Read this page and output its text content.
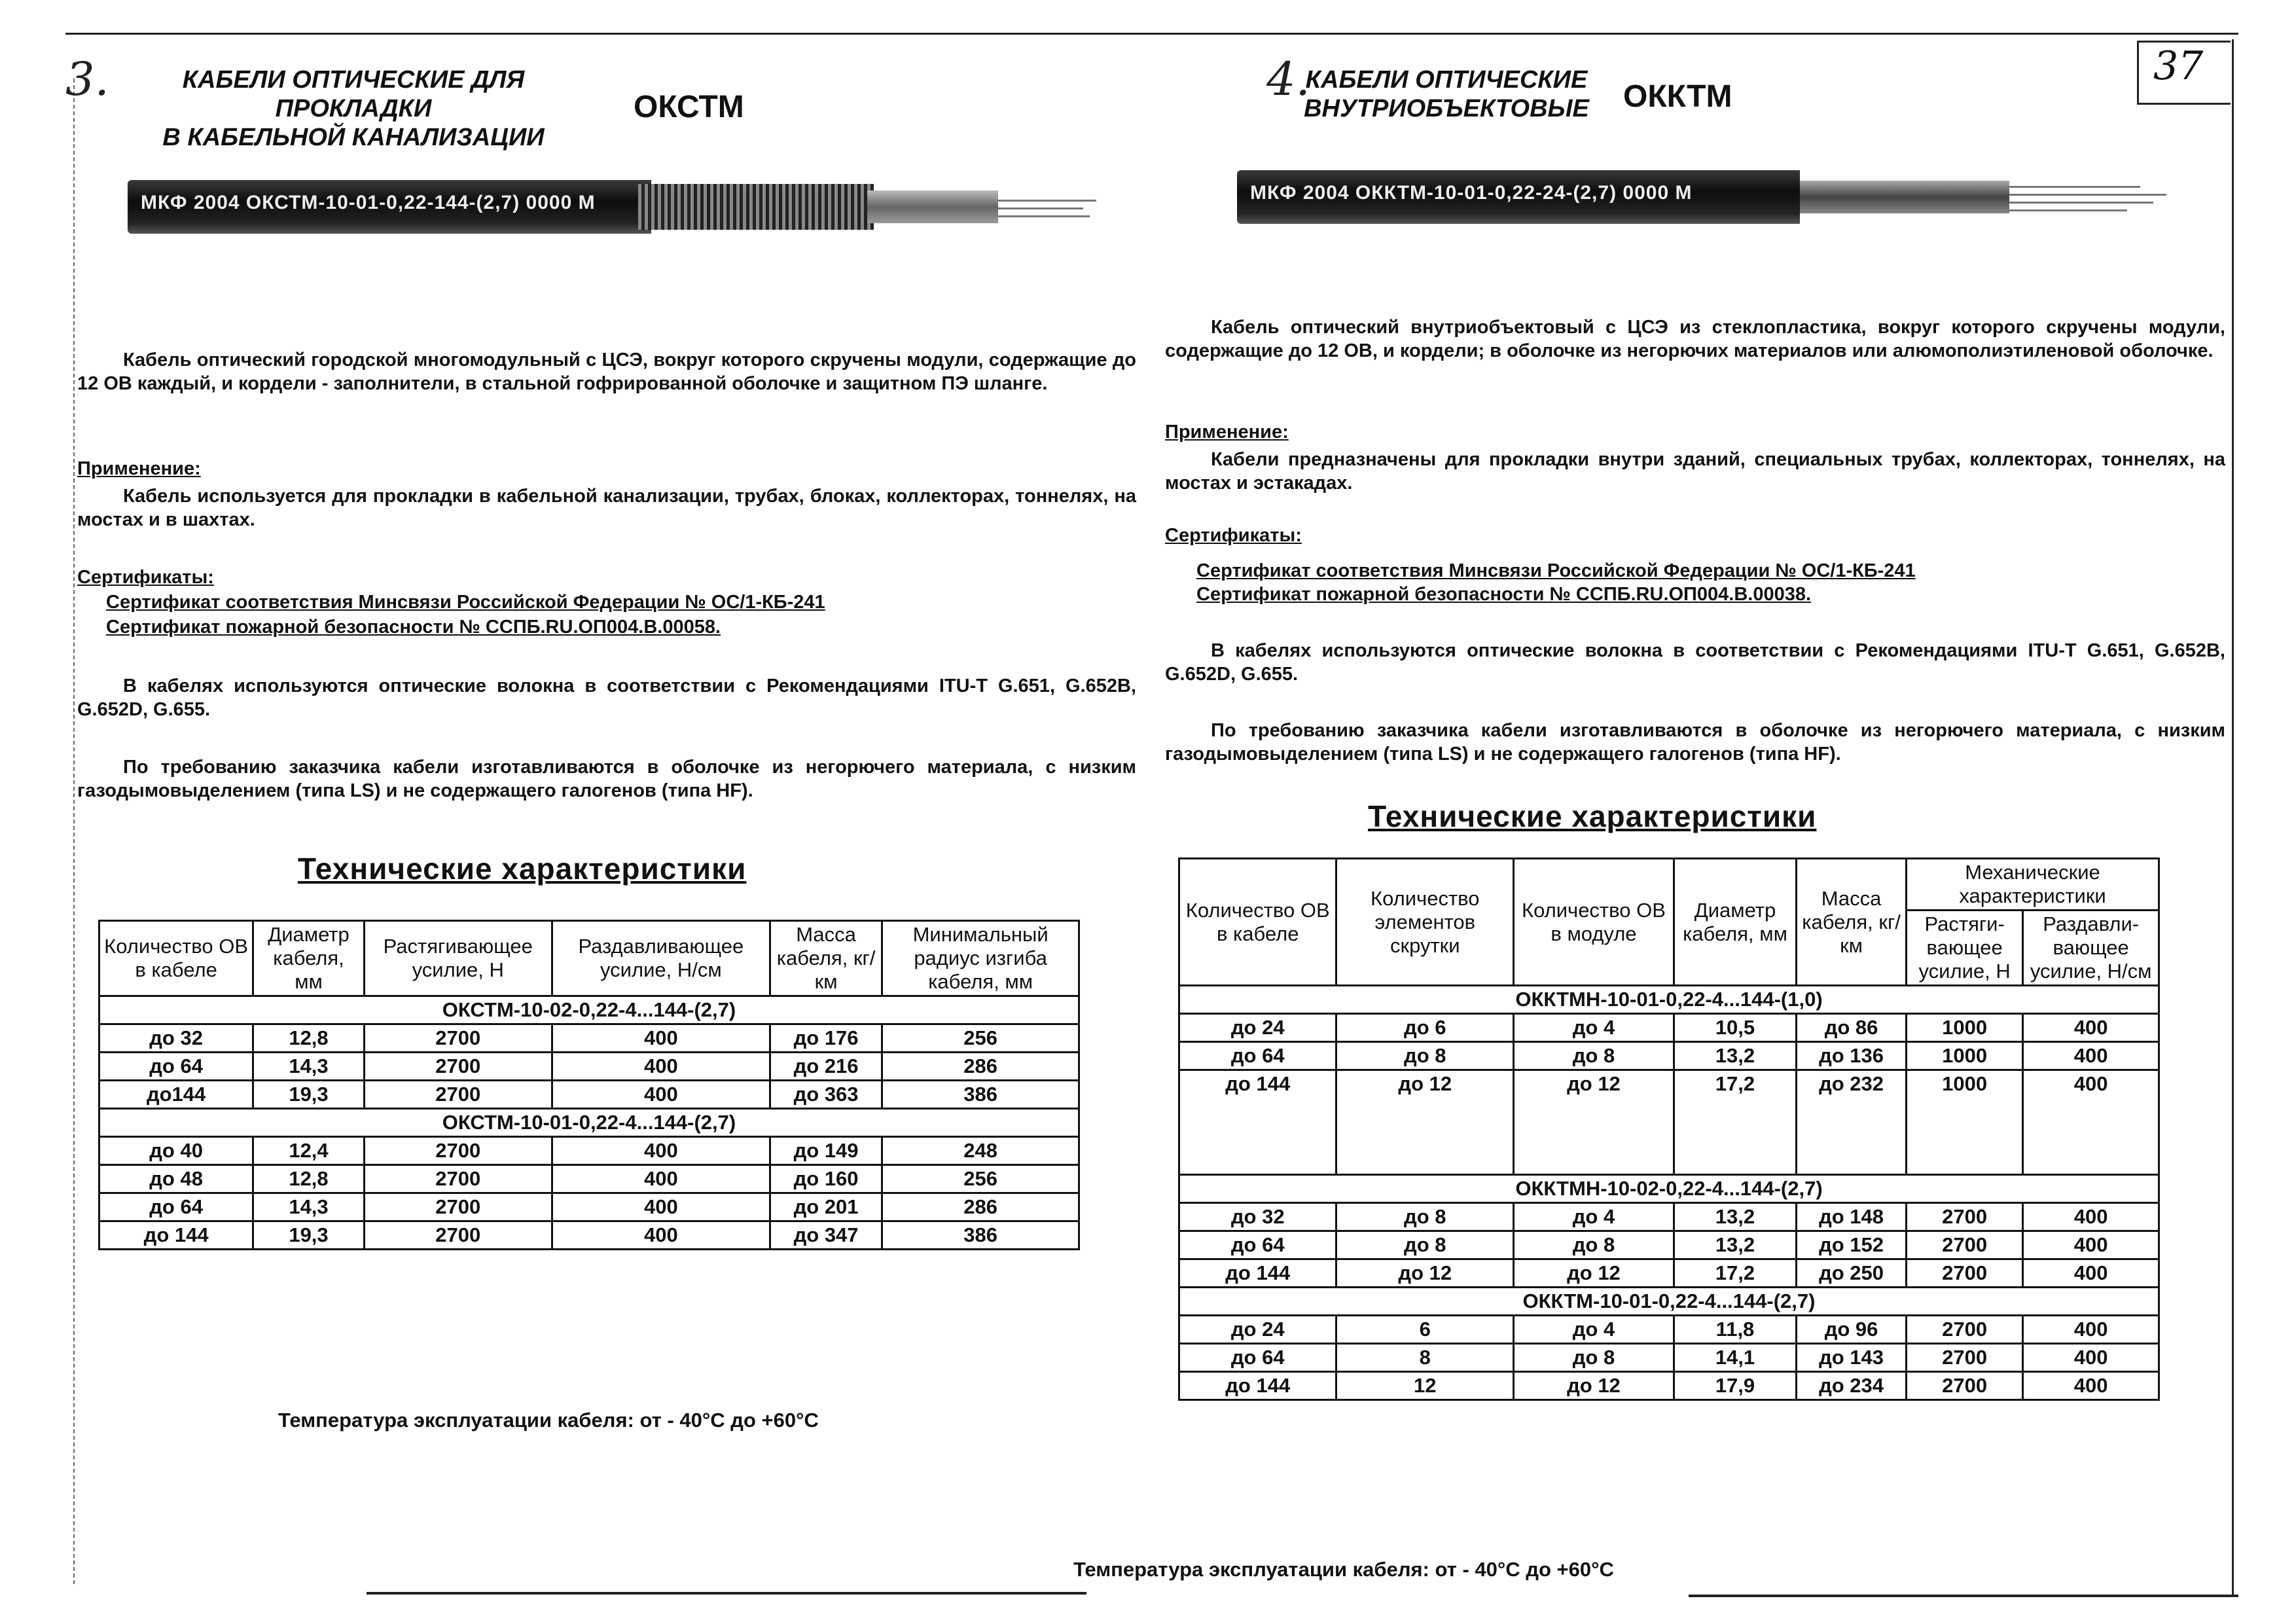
37
3.	КАБЕЛИ ОПТИЧЕСКИЕ ДЛЯ ПРОКЛАДКИ
В КАБЕЛЬНОЙ КАНАЛИЗАЦИИ
ОКСТМ
МКФ 2004 ОКСТМ-10-01-0,22-144-(2,7) 0000 М
Кабель оптический городской многомодульный с ЦСЭ, вокруг которого скручены модули, содержащие до 12 ОВ каждый, и кордели - заполнители, в стальной гофрированной оболочке и защитном ПЭ шланге.
Применение:
Кабель используется для прокладки в кабельной канализации, трубах, блоках, коллекторах, тоннелях, на мостах и в шахтах.
Сертификаты:
Сертификат соответствия Минсвязи Российской Федерации № ОС/1-КБ-241
Сертификат пожарной безопасности № ССПБ.RU.ОП004.В.00058.
В кабелях используются оптические волокна в соответствии с Рекомендациями ITU-T G.651, G.652B, G.652D, G.655.
По требованию заказчика кабели изготавливаются в оболочке из негорючего материала, с низким газодымовыделением (типа LS) и не содержащего галогенов (типа HF).
Технические характеристики
Количество ОВ в кабеле	Диаметр кабеля, мм	Растягивающее усилие, Н	Раздавливающее усилие, Н/см	Масса кабеля, кг/км	Минимальный радиус изгиба кабеля, мм
ОКСТМ-10-02-0,22-4...144-(2,7)					
до 32	12,8	2700	400	до 176	256
до 64	14,3	2700	400	до 216	286
до144	19,3	2700	400	до 363	386
ОКСТМ-10-01-0,22-4...144-(2,7)					
до 40	12,4	2700	400	до 149	248
до 48	12,8	2700	400	до 160	256
до 64	14,3	2700	400	до 201	286
до 144	19,3	2700	400	до 347	386
Температура эксплуатации кабеля: от - 40°С до +60°С
4.
КАБЕЛИ ОПТИЧЕСКИЕ
ВНУТРИОБЪЕКТОВЫЕ ОККТМ
МКФ 2004 ОККТМ-10-01-0,22-24-(2,7) 0000 М
Кабель оптический внутриобъектовый с ЦСЭ из стеклопластика, вокруг которого скручены модули, содержащие до 12 ОВ, и кордели; в оболочке из негорючих материалов или алюмополиэтиленовой оболочке.
Применение:
Кабели предназначены для прокладки внутри зданий, специальных трубах, коллекторах, тоннелях, на мостах и эстакадах.
Сертификаты:
Сертификат соответствия Минсвязи Российской Федерации № ОС/1-КБ-241
Сертификат пожарной безопасности № ССПБ.RU.ОП004.В.00038.
В кабелях используются оптические волокна в соответствии с Рекомендациями ITU-T G.651, G.652B, G.652D, G.655.
По требованию заказчика кабели изготавливаются в оболочке из негорючего материала, с низким газодымовыделением (типа LS) и не содержащего галогенов (типа HF).
Технические характеристики
Количество ОВ в кабеле	Количество элементов скрутки	Количество ОВ в модуле	Диаметр кабеля, мм	Масса кабеля, кг/км	Механические характеристики	
					Растяги-вающее усилие, Н	Раздавли-вающее усилие, Н/см
ОККТМН-10-01-0,22-4...144-(1,0)						
до 24	до 6	до 4	10,5	до 86	1000	400
до 64	до 8	до 8	13,2	до 136	1000	400
до 144	до 12	до 12	17,2	до 232	1000	400
ОККТМН-10-02-0,22-4...144-(2,7)						
до 32	до 8	до 4	13,2	до 148	2700	400
до 64	до 8	до 8	13,2	до 152	2700	400
до 144	до 12	до 12	17,2	до 250	2700	400
ОККТМ-10-01-0,22-4...144-(2,7)						
до 24	6	до 4	11,8	до 96	2700	400
до 64	8	до 8	14,1	до 143	2700	400
до 144	12	до 12	17,9	до 234	2700	400
Температура эксплуатации кабеля: от - 40°С до +60°С
